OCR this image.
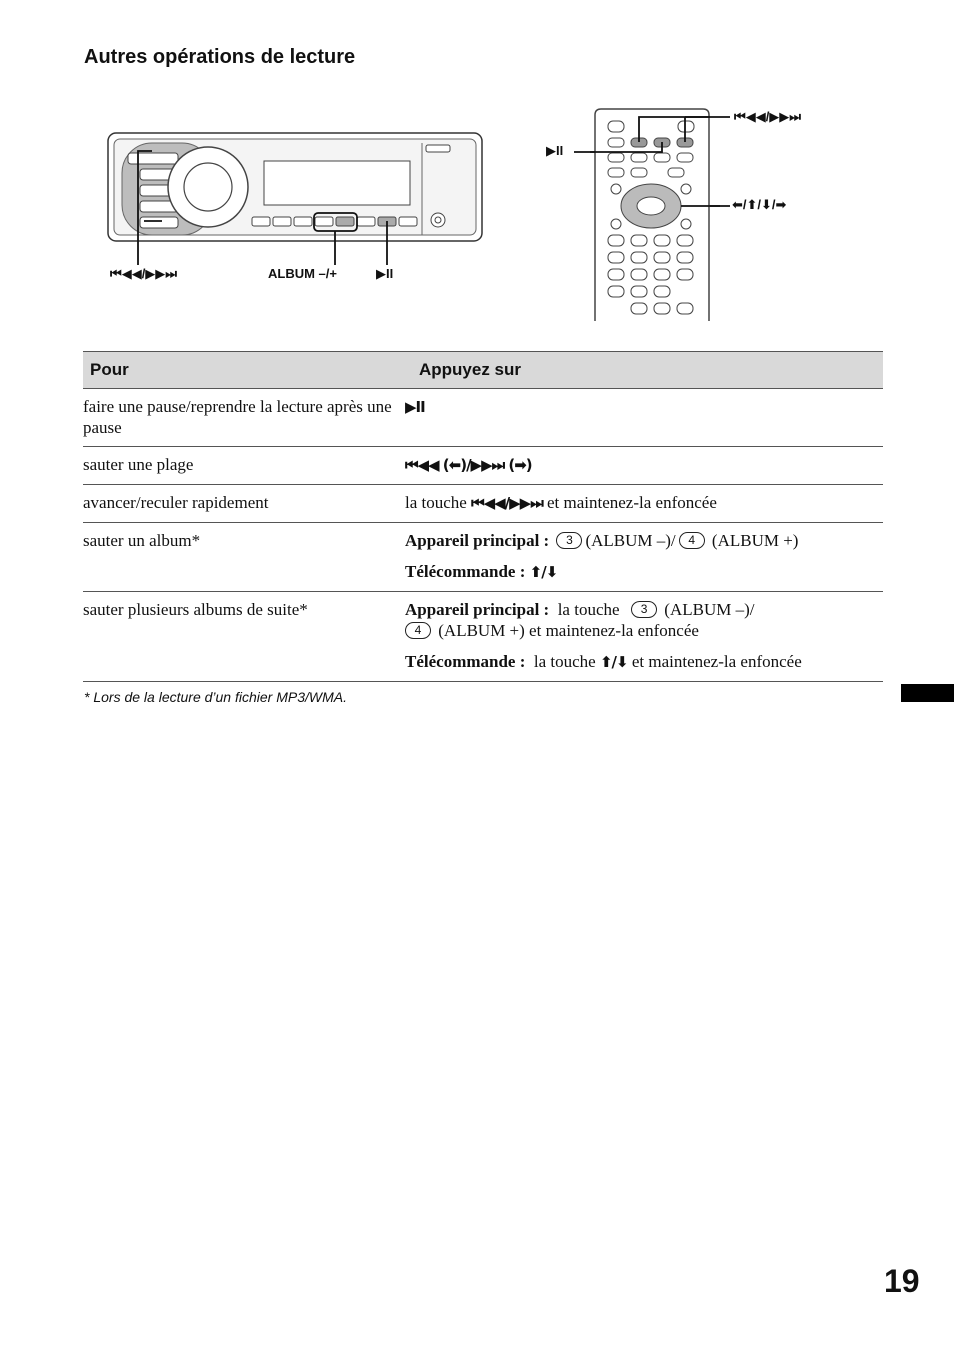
Autres opérations de lecture
⏮◀◀/▶▶⏭	ALBUM –/+	▶II
⏮◀◀/▶▶⏭
▶II
⬅/⬆/⬇/➡
Pour	Appuyez sur
faire une pause/reprendre la lecture après une pause	▶II
sauter une plage	⏮◀◀ (⬅)/▶▶⏭ (➡)
avancer/reculer rapidement	la touche ⏮◀◀/▶▶⏭ et maintenez-la enfoncée
sauter un album*	Appareil principal : 3 (ALBUM –)/ 4 (ALBUM +)
Télécommande : ⬆/⬇

sauter plusieurs albums de suite*	Appareil principal : la touche 3 (ALBUM –)/
4 (ALBUM +) et maintenez-la enfoncée
Télécommande : la touche ⬆/⬇ et maintenez-la enfoncée
* Lors de la lecture d’un fichier MP3/WMA.
19
